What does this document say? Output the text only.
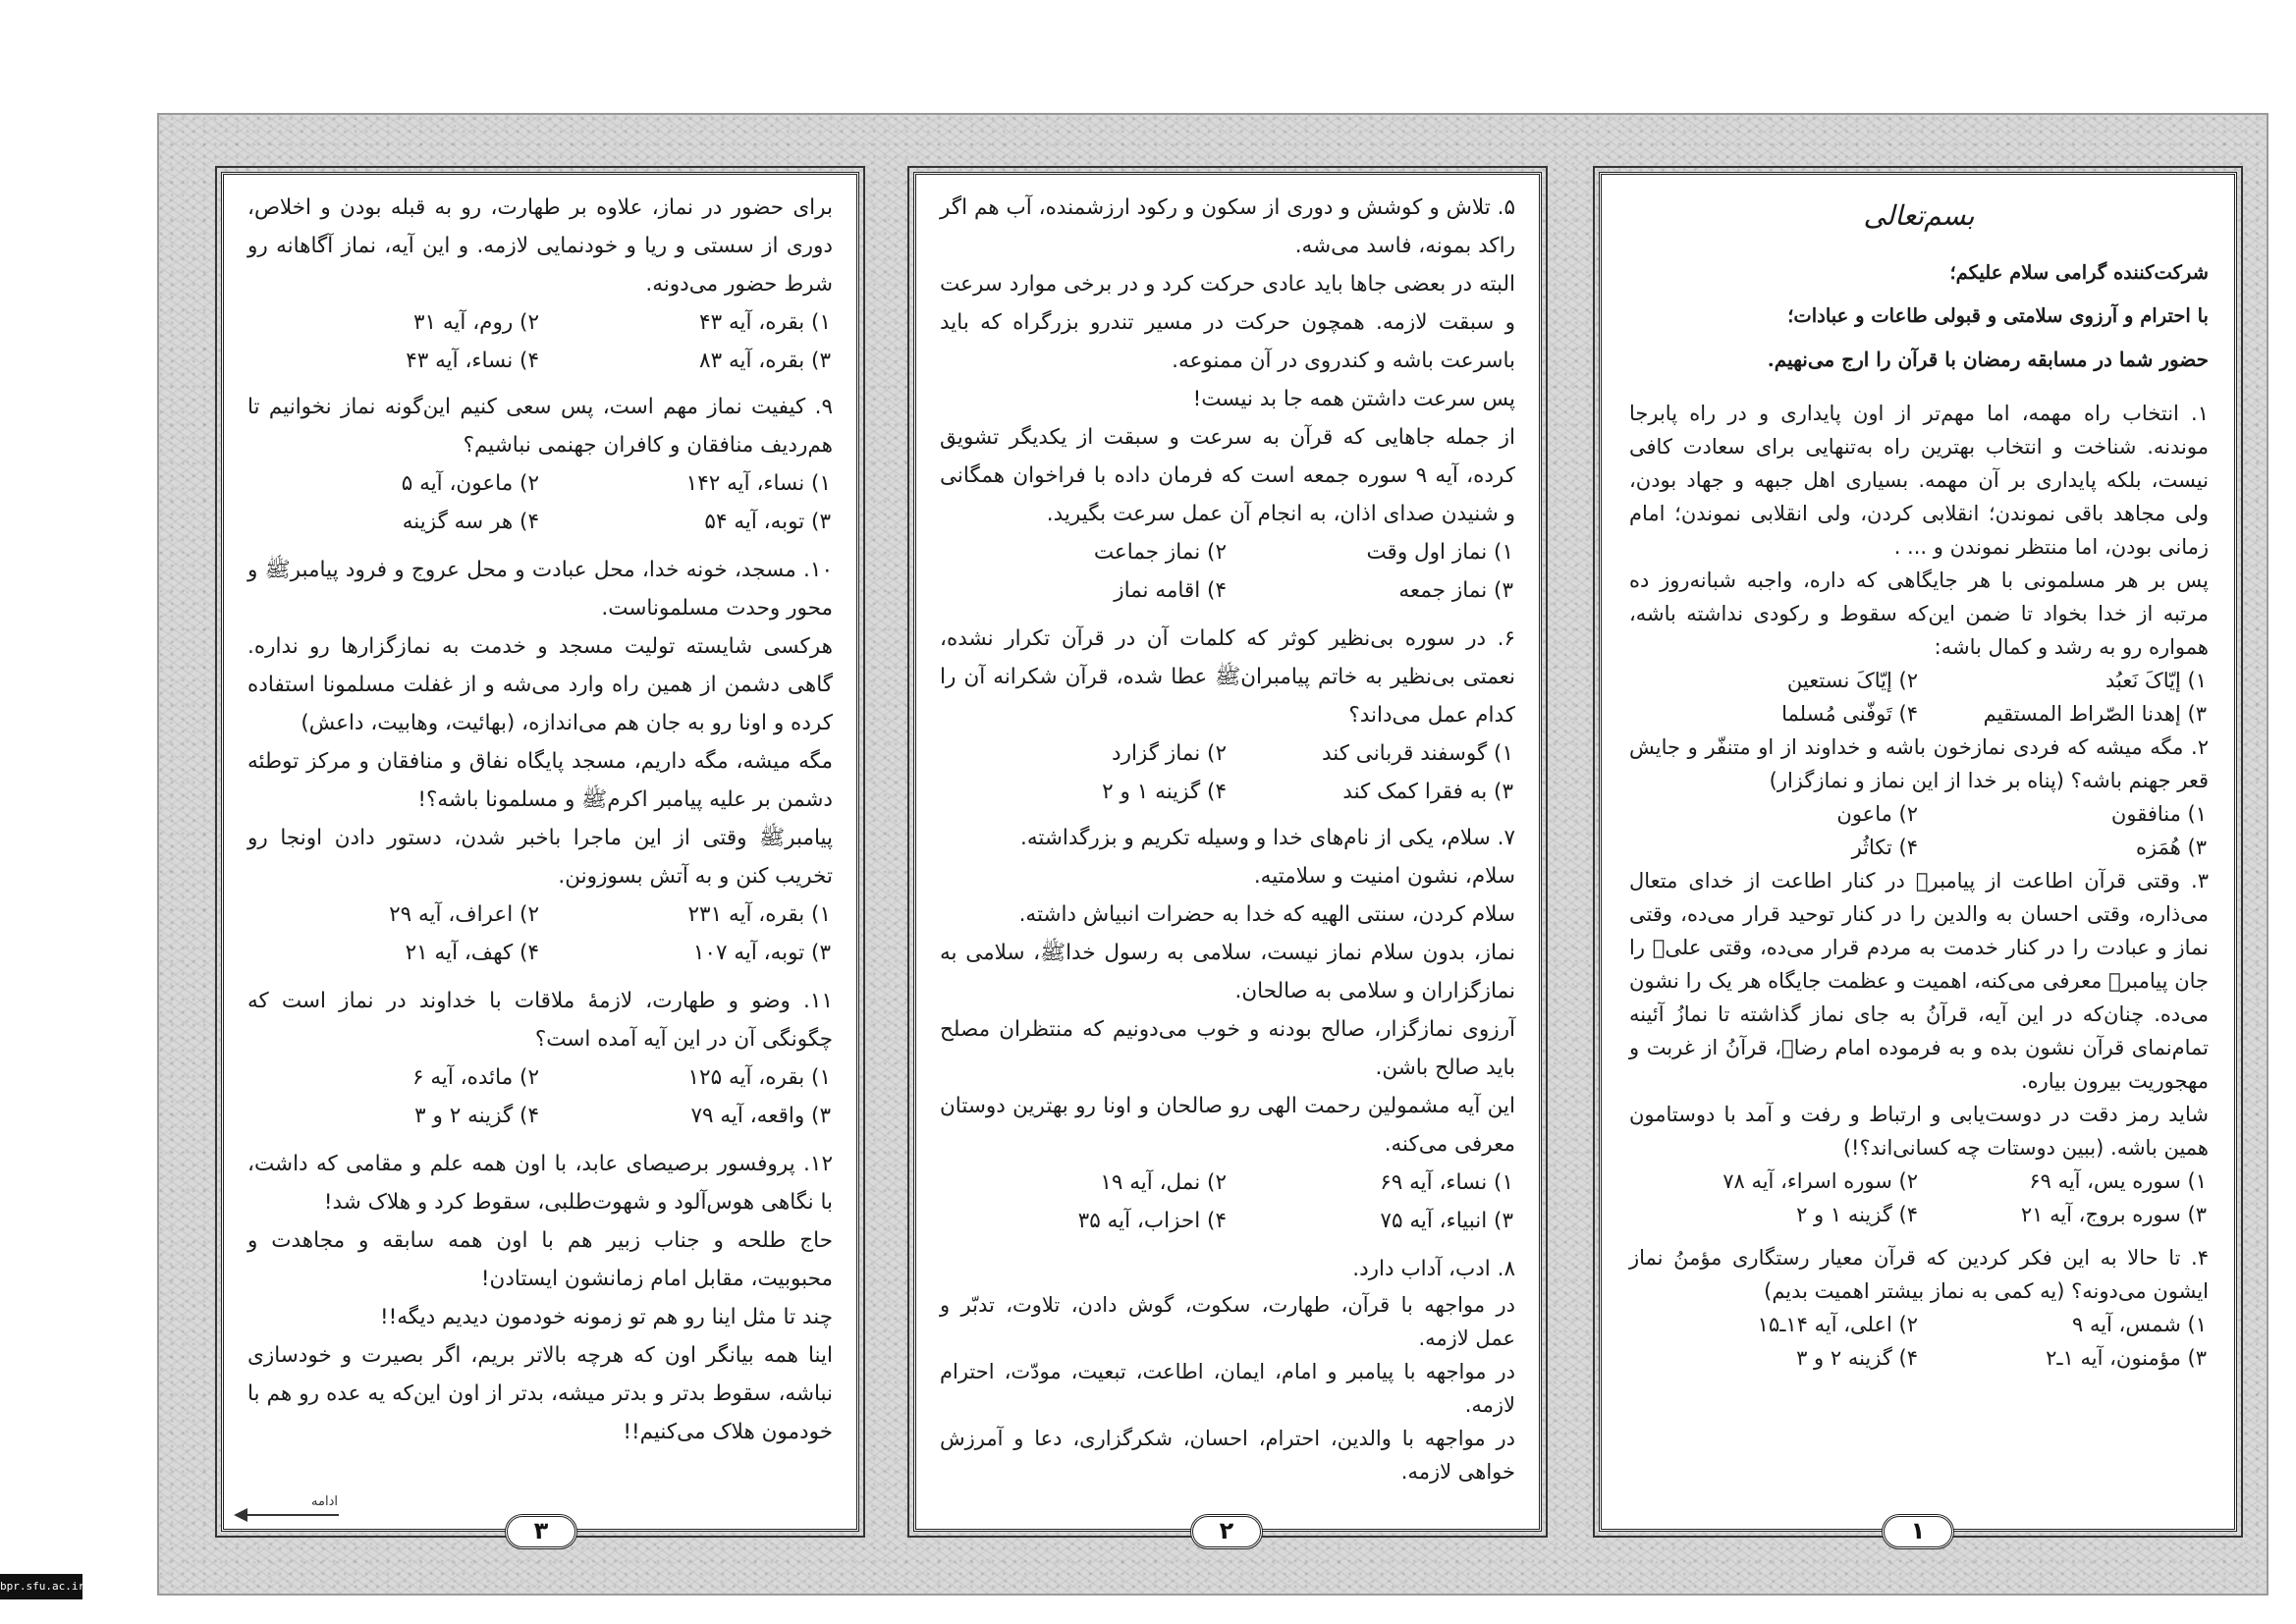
بسم‌تعالی
شرکت‌کننده گرامی سلام علیکم؛
با احترام و آرزوی سلامتی و قبولی طاعات و عبادات؛
حضور شما در مسابقه رمضان با قرآن را ارج می‌نهیم.
۱. انتخاب راه مهمه، اما مهم‌تر از اون پایداری و در راه پابرجا موندنه. شناخت و انتخاب بهترین راه به‌تنهایی برای سعادت کافی نیست، بلکه پایداری بر آن مهمه. بسیاری اهل جبهه و جهاد بودن، ولی مجاهد باقی نموندن؛ انقلابی کردن، ولی انقلابی نموندن؛ امام زمانی بودن، اما منتظر نموندن و ... .
پس بر هر مسلمونی با هر جایگاهی که داره، واجبه شبانه‌روز ده مرتبه از خدا بخواد تا ضمن این‌که سقوط و رکودی نداشته باشه، همواره رو به رشد و کمال باشه:
۱) إیّاکَ نَعبُد
۲) إیّاکَ نستعین
۳) إهدنا الصّراط المستقیم
۴) تَوفّنی مُسلما
۲. مگه میشه که فردی نمازخون باشه و خداوند از او متنفّر و جایش قعر جهنم باشه؟ (پناه بر خدا از این نماز و نمازگزار)
۱) منافقون
۲) ماعون
۳) هُمَزه
۴) تکاثُر
۳. وقتی قرآن اطاعت از پیامبرﷺ در کنار اطاعت از خدای متعال می‌ذاره، وقتی احسان به والدین را در کنار توحید قرار می‌ده، وقتی نماز و عبادت را در کنار خدمت به مردم قرار می‌ده، وقتی علیؑ را جان پیامبرﷺ معرفی می‌کنه، اهمیت و عظمت جایگاه هر یک را نشون می‌ده. چنان‌که در این آیه، قرآنُ به جای نماز گذاشته تا نمازُ آئینه تمام‌نمای قرآن نشون بده و به فرموده امام رضاؑ، قرآنُ از غربت و مهجوریت بیرون بیاره.
شاید رمز دقت در دوست‌یابی و ارتباط و رفت و آمد با دوستامون همین باشه. (ببین دوستات چه کسانی‌اند؟!)
۱) سوره یس، آیه ۶۹
۲) سوره اسراء، آیه ۷۸
۳) سوره بروج، آیه ۲۱
۴) گزینه ۱ و ۲
۴. تا حالا به این فکر کردین که قرآن معیار رستگاری مؤمنُ نماز ایشون می‌دونه؟ (یه کمی به نماز بیشتر اهمیت بدیم)
۱) شمس، آیه ۹
۲) اعلی، آیه ۱۴ـ۱۵
۳) مؤمنون، آیه ۱ـ۲
۴) گزینه ۲ و ۳
۵. تلاش و کوشش و دوری از سکون و رکود ارزشمنده، آب هم اگر راکد بمونه، فاسد می‌شه.
البته در بعضی جاها باید عادی حرکت کرد و در برخی موارد سرعت و سبقت لازمه. همچون حرکت در مسیر تندرو بزرگراه که باید باسرعت باشه و کندروی در آن ممنوعه.
پس سرعت داشتن همه جا بد نیست!
از جمله جاهایی که قرآن به سرعت و سبقت از یکدیگر تشویق کرده، آیه ۹ سوره جمعه است که فرمان داده با فراخوان همگانی و شنیدن صدای اذان، به انجام آن عمل سرعت بگیرید.
۱) نماز اول وقت
۲) نماز جماعت
۳) نماز جمعه
۴) اقامه نماز
۶. در سوره بی‌نظیر کوثر که کلمات آن در قرآن تکرار نشده، نعمتی بی‌نظیر به خاتم پیامبرانﷺ عطا شده، قرآن شکرانه آن را کدام عمل می‌داند؟
۱) گوسفند قربانی کند
۲) نماز گزارد
۳) به فقرا کمک کند
۴) گزینه ۱ و ۲
۷. سلام، یکی از نام‌های خدا و وسیله تکریم و بزرگداشته.
سلام، نشون امنیت و سلامتیه.
سلام کردن، سنتی الهیه که خدا به حضرات انبیاش داشته.
نماز، بدون سلام نماز نیست، سلامی به رسول خداﷺ، سلامی به نمازگزاران و سلامی به صالحان.
آرزوی نمازگزار، صالح بودنه و خوب می‌دونیم که منتظران مصلح باید صالح باشن.
این آیه مشمولین رحمت الهی رو صالحان و اونا رو بهترین دوستان معرفی می‌کنه.
۱) نساء، آیه ۶۹
۲) نمل، آیه ۱۹
۳) انبیاء، آیه ۷۵
۴) احزاب، آیه ۳۵
۸. ادب، آداب دارد.
در مواجهه با قرآن، طهارت، سکوت، گوش دادن، تلاوت، تدبّر و عمل لازمه.
در مواجهه با پیامبر و امام، ایمان، اطاعت، تبعیت، مودّت، احترام لازمه.
در مواجهه با والدین، احترام، احسان، شکرگزاری، دعا و آمرزش خواهی لازمه.
برای حضور در نماز، علاوه بر طهارت، رو به قبله بودن و اخلاص، دوری از سستی و ریا و خودنمایی لازمه. و این آیه، نماز آگاهانه رو شرط حضور می‌دونه.
۱) بقره، آیه ۴۳
۲) روم، آیه ۳۱
۳) بقره، آیه ۸۳
۴) نساء، آیه ۴۳
۹. کیفیت نماز مهم است، پس سعی کنیم این‌گونه نماز نخوانیم تا هم‌ردیف منافقان و کافران جهنمی نباشیم؟
۱) نساء، آیه ۱۴۲
۲) ماعون، آیه ۵
۳) توبه، آیه ۵۴
۴) هر سه گزینه
۱۰. مسجد، خونه خدا، محل عبادت و محل عروج و فرود پیامبرﷺ و محور وحدت مسلموناست.
هرکسی شایسته تولیت مسجد و خدمت به نمازگزارها رو نداره. گاهی دشمن از همین راه وارد می‌شه و از غفلت مسلمونا استفاده کرده و اونا رو به جان هم می‌اندازه، (بهائیت، وهابیت، داعش)
مگه میشه، مگه داریم، مسجد پایگاه نفاق و منافقان و مرکز توطئه دشمن بر علیه پیامبر اکرمﷺ و مسلمونا باشه؟!
پیامبرﷺ وقتی از این ماجرا باخبر شدن، دستور دادن اونجا رو تخریب کنن و به آتش بسوزونن.
۱) بقره، آیه ۲۳۱
۲) اعراف، آیه ۲۹
۳) توبه، آیه ۱۰۷
۴) کهف، آیه ۲۱
۱۱. وضو و طهارت، لازمهٔ ملاقات با خداوند در نماز است که چگونگی آن در این آیه آمده است؟
۱) بقره، آیه ۱۲۵
۲) مائده، آیه ۶
۳) واقعه، آیه ۷۹
۴) گزینه ۲ و ۳
۱۲. پروفسور برصیصای عابد، با اون همه علم و مقامی که داشت، با نگاهی هوس‌آلود و شهوت‌طلبی، سقوط کرد و هلاک شد!
حاج طلحه و جناب زبیر هم با اون همه سابقه و مجاهدت و محبوبیت، مقابل امام زمانشون ایستادن!
چند تا مثل اینا رو هم تو زمونه خودمون دیدیم دیگه!!
اینا همه بیانگر اون که هرچه بالاتر بریم، اگر بصیرت و خودسازی نباشه، سقوط بدتر و بدتر میشه، بدتر از اون این‌که یه عده رو هم با خودمون هلاک می‌کنیم!!
ادامه
۱
۲
۳
bpr.sfu.ac.ir
